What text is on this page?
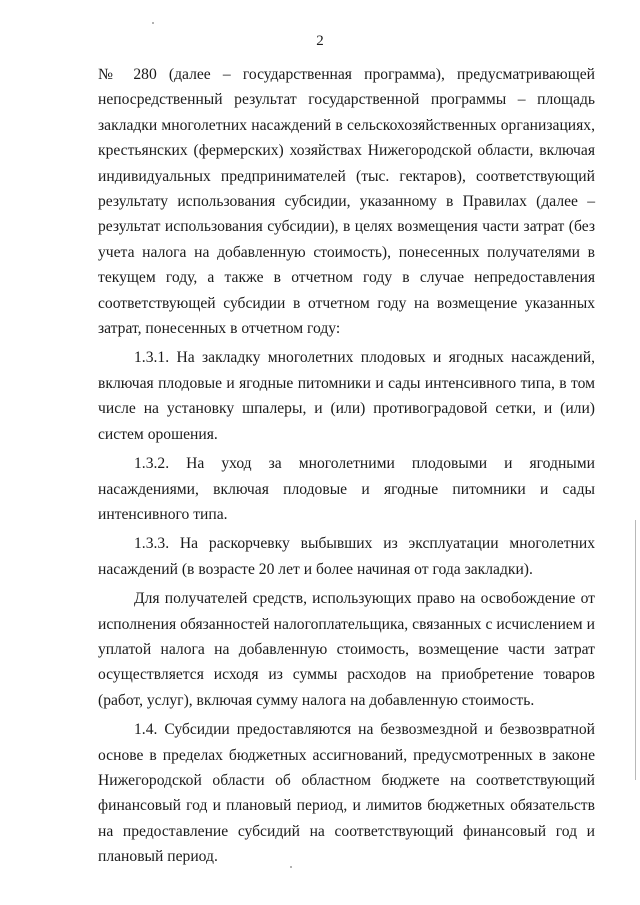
2

№ 280 (далее – государственная программа), предусматривающей непосредственный результат государственной программы – площадь закладки многолетних насаждений в сельскохозяйственных организациях, крестьянских (фермерских) хозяйствах Нижегородской области, включая индивидуальных предпринимателей (тыс. гектаров), соответствующий результату использования субсидии, указанному в Правилах (далее – результат использования субсидии), в целях возмещения части затрат (без учета налога на добавленную стоимость), понесенных получателями в текущем году, а также в отчетном году в случае непредоставления соответствующей субсидии в отчетном году на возмещение указанных затрат, понесенных в отчетном году:

1.3.1. На закладку многолетних плодовых и ягодных насаждений, включая плодовые и ягодные питомники и сады интенсивного типа, в том числе на установку шпалеры, и (или) противоградовой сетки, и (или) систем орошения.

1.3.2. На уход за многолетними плодовыми и ягодными насаждениями, включая плодовые и ягодные питомники и сады интенсивного типа.

1.3.3. На раскорчевку выбывших из эксплуатации многолетних насаждений (в возрасте 20 лет и более начиная от года закладки).

Для получателей средств, использующих право на освобождение от исполнения обязанностей налогоплательщика, связанных с исчислением и уплатой налога на добавленную стоимость, возмещение части затрат осуществляется исходя из суммы расходов на приобретение товаров (работ, услуг), включая сумму налога на добавленную стоимость.

1.4. Субсидии предоставляются на безвозмездной и безвозвратной основе в пределах бюджетных ассигнований, предусмотренных в законе Нижегородской области об областном бюджете на соответствующий финансовый год и плановый период, и лимитов бюджетных обязательств на предоставление субсидий на соответствующий финансовый год и плановый период.
